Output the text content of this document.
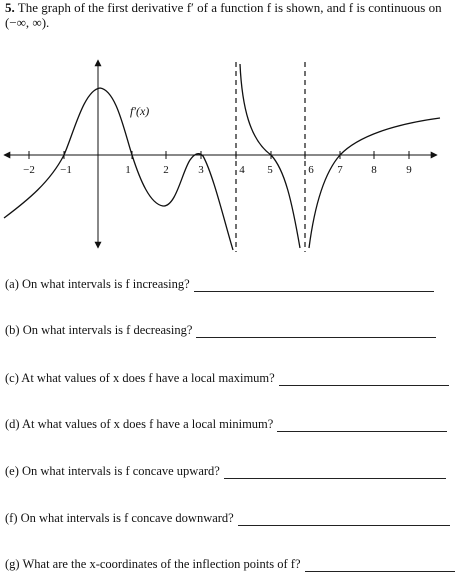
5. The graph of the first derivative f′ of a function f is shown, and f is continuous on
(−∞, ∞).
−2 −1	1	2	3	4 5	6 7	8	9
f′(x)
(a) On what intervals is f increasing?
(b) On what intervals is f decreasing?
(c) At what values of x does f have a local maximum?
(d) At what values of x does f have a local minimum?
(e) On what intervals is f concave upward?
(f) On what intervals is f concave downward?
(g) What are the x-coordinates of the inflection points of f?
